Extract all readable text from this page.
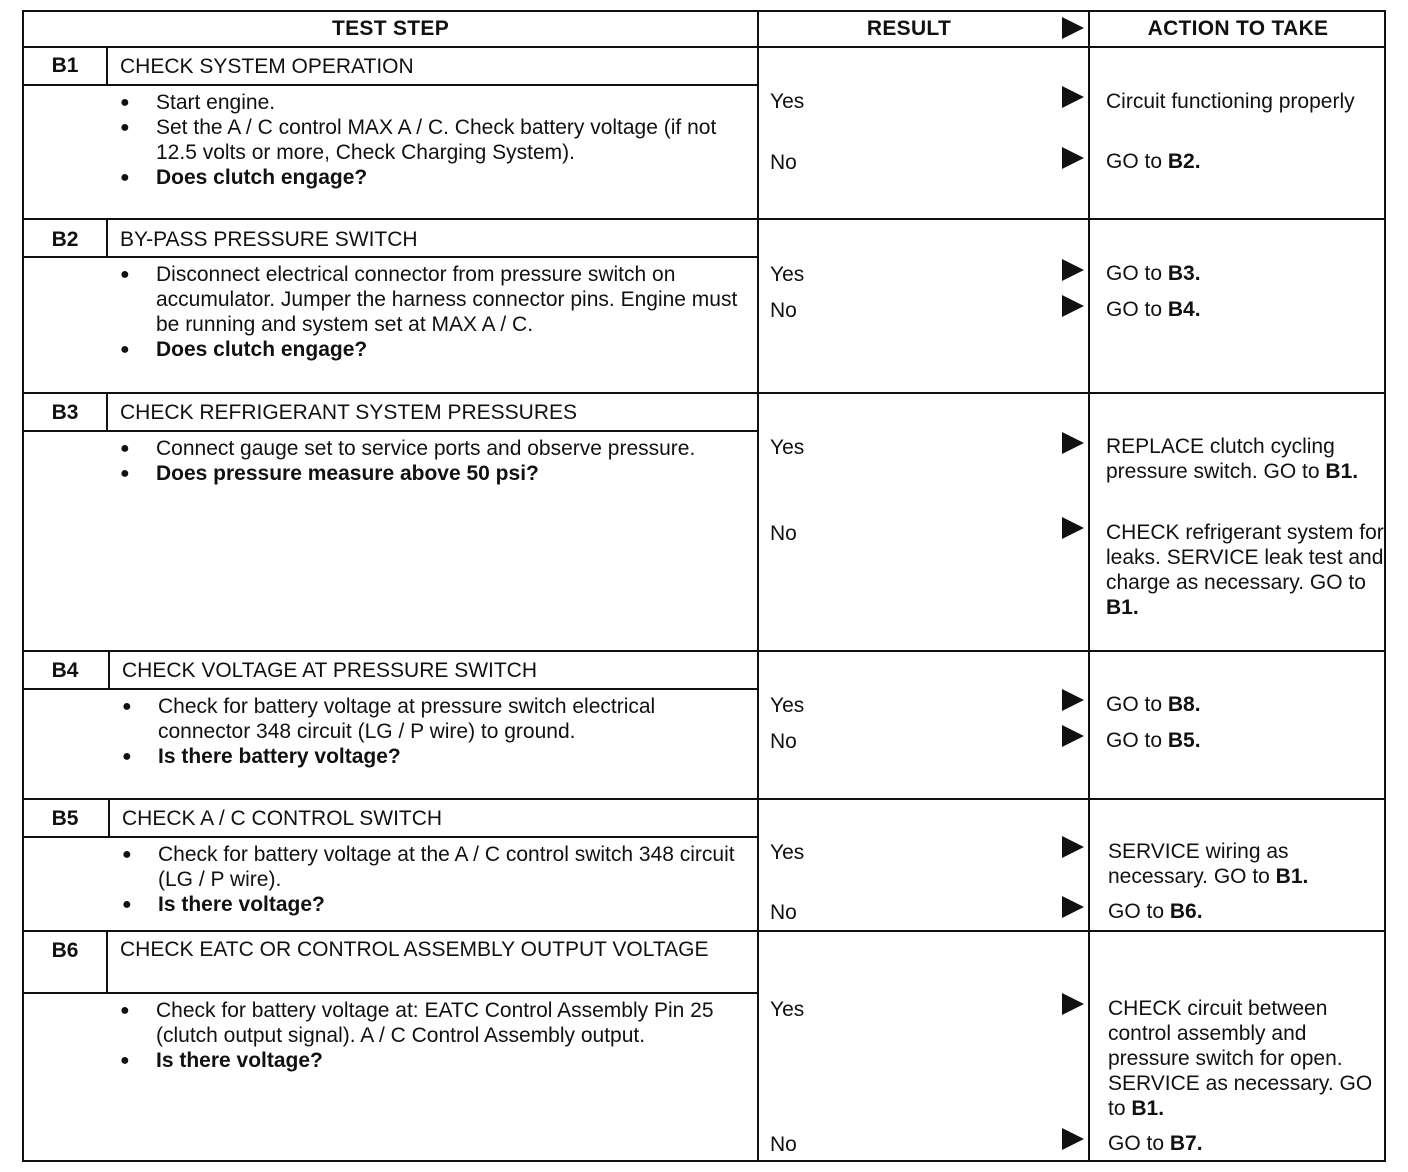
TEST STEP	RESULT	ACTION TO TAKE
B1	CHECK SYSTEM OPERATION
● Start engine.
● Set the A / C control MAX A / C. Check battery voltage (if not 12.5 volts or more, Check Charging System).
● Does clutch engage?
Yes	Circuit functioning properly
No	GO to B2.
B2	BY-PASS PRESSURE SWITCH
● Disconnect electrical connector from pressure switch on accumulator. Jumper the harness connector pins. Engine must be running and system set at MAX A / C.
● Does clutch engage?
Yes	GO to B3.
No	GO to B4.
B3	CHECK REFRIGERANT SYSTEM PRESSURES
● Connect gauge set to service ports and observe pressure.
● Does pressure measure above 50 psi?
Yes	REPLACE clutch cycling pressure switch. GO to B1.
No	CHECK refrigerant system for leaks. SERVICE leak test and charge as necessary. GO to B1.
B4	CHECK VOLTAGE AT PRESSURE SWITCH
● Check for battery voltage at pressure switch electrical connector 348 circuit (LG / P wire) to ground.
● Is there battery voltage?
Yes	GO to B8.
No	GO to B5.
B5	CHECK A / C CONTROL SWITCH
● Check for battery voltage at the A / C control switch 348 circuit (LG / P wire).
● Is there voltage?
Yes	SERVICE wiring as necessary. GO to B1.
No	GO to B6.
B6	CHECK EATC OR CONTROL ASSEMBLY OUTPUT VOLTAGE
● Check for battery voltage at: EATC Control Assembly Pin 25 (clutch output signal). A / C Control Assembly output.
● Is there voltage?
Yes	CHECK circuit between control assembly and pressure switch for open. SERVICE as necessary. GO to B1.
No	GO to B7.
